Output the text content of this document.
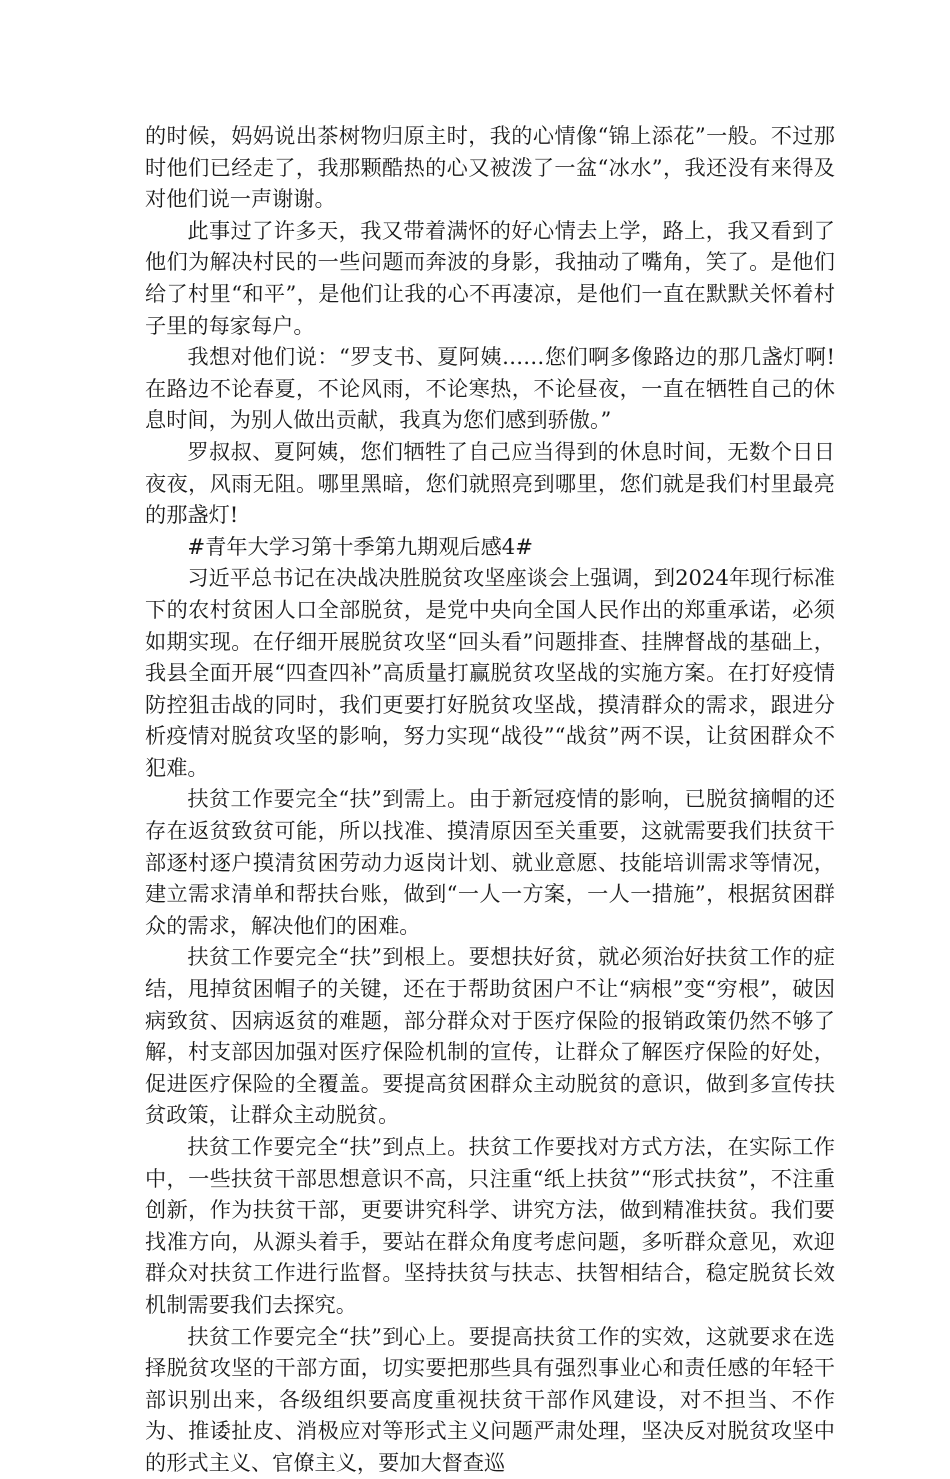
的时候，妈妈说出茶树物归原主时，我的心情像“锦上添花”一般。不过那时他们已经走了，我那颗酷热的心又被泼了一盆“冰水”，我还没有来得及对他们说一声谢谢。

此事过了许多天，我又带着满怀的好心情去上学，路上，我又看到了他们为解决村民的一些问题而奔波的身影，我抽动了嘴角，笑了。是他们给了村里“和平”，是他们让我的心不再凄凉，是他们一直在默默关怀着村子里的每家每户。

我想对他们说：“罗支书、夏阿姨……您们啊多像路边的那几盏灯啊!在路边不论春夏，不论风雨，不论寒热，不论昼夜，一直在牺牲自己的休息时间，为别人做出贡献，我真为您们感到骄傲。”

罗叔叔、夏阿姨，您们牺牲了自己应当得到的休息时间，无数个日日夜夜，风雨无阻。哪里黑暗，您们就照亮到哪里，您们就是我们村里最亮的那盏灯!

#青年大学习第十季第九期观后感4#

习近平总书记在决战决胜脱贫攻坚座谈会上强调，到2024年现行标准下的农村贫困人口全部脱贫，是党中央向全国人民作出的郑重承诺，必须如期实现。在仔细开展脱贫攻坚“回头看”问题排查、挂牌督战的基础上，我县全面开展“四查四补”高质量打赢脱贫攻坚战的实施方案。在打好疫情防控狙击战的同时，我们更要打好脱贫攻坚战，摸清群众的需求，跟进分析疫情对脱贫攻坚的影响，努力实现“战役”“战贫”两不误，让贫困群众不犯难。

扶贫工作要完全“扶”到需上。由于新冠疫情的影响，已脱贫摘帽的还存在返贫致贫可能，所以找准、摸清原因至关重要，这就需要我们扶贫干部逐村逐户摸清贫困劳动力返岗计划、就业意愿、技能培训需求等情况，建立需求清单和帮扶台账，做到“一人一方案，一人一措施”，根据贫困群众的需求，解决他们的困难。

扶贫工作要完全“扶”到根上。要想扶好贫，就必须治好扶贫工作的症结，甩掉贫困帽子的关键，还在于帮助贫困户不让“病根”变“穷根”，破因病致贫、因病返贫的难题，部分群众对于医疗保险的报销政策仍然不够了解，村支部因加强对医疗保险机制的宣传，让群众了解医疗保险的好处，促进医疗保险的全覆盖。要提高贫困群众主动脱贫的意识，做到多宣传扶贫政策，让群众主动脱贫。

扶贫工作要完全“扶”到点上。扶贫工作要找对方式方法，在实际工作中，一些扶贫干部思想意识不高，只注重“纸上扶贫”“形式扶贫”，不注重创新，作为扶贫干部，更要讲究科学、讲究方法，做到精准扶贫。我们要找准方向，从源头着手，要站在群众角度考虑问题，多听群众意见，欢迎群众对扶贫工作进行监督。坚持扶贫与扶志、扶智相结合，稳定脱贫长效机制需要我们去探究。

扶贫工作要完全“扶”到心上。要提高扶贫工作的实效，这就要求在选择脱贫攻坚的干部方面，切实要把那些具有强烈事业心和责任感的年轻干部识别出来，各级组织要高度重视扶贫干部作风建设，对不担当、不作为、推诿扯皮、消极应对等形式主义问题严肃处理，坚决反对脱贫攻坚中的形式主义、官僚主义，要加大督查巡
